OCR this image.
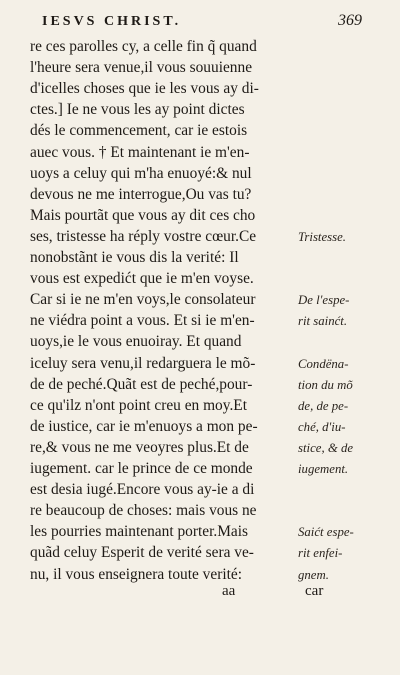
IESVS CHRIST.	369
re ces parolles cy, a celle fin q̃ quand
l'heure sera venue,il vous souuienne
d'icelles choses que ie les vous ay di-
ctes.] Ie ne vous les ay point dictes
dés le commencement, car ie estois
auec vous. † Et maintenant ie m'en-
uoys a celuy qui m'ha enuoyé:& nul
devous ne me interrogue,Ou vas tu?
Mais pourtãt que vous ay dit ces cho
ses, tristesse ha réply vostre cœur.Ce
nonobstãnt ie vous dis la verité: Il
vous est expedićt que ie m'en voyse.
Car si ie ne m'en voys,le consolateur
ne viédra point a vous. Et si ie m'en-
uoys,ie le vous enuoiray. Et quand
iceluy sera venu,il redarguera le mõ-
de de peché.Quãt est de peché,pour-
ce qu'ilz n'ont point creu en moy.Et
de iustice, car ie m'enuoys a mon pe-
re,& vous ne me veoyres plus.Et de
iugement. car le prince de ce monde
est desia iugé.Encore vous ay-ie a di
re beaucoup de choses: mais vous ne
les pourries maintenant porter.Mais
quãd celuy Esperit de verité sera ve-
nu, il vous enseignera toute verité:
Tristesse.
De l'espe-
rit sainćt.
Condëna-
tion du mõ
de, de pe-
ché, d'iu-
stice, & de
iugement.
Saićt espe-
rit enfei-
gnem.
aa	car
